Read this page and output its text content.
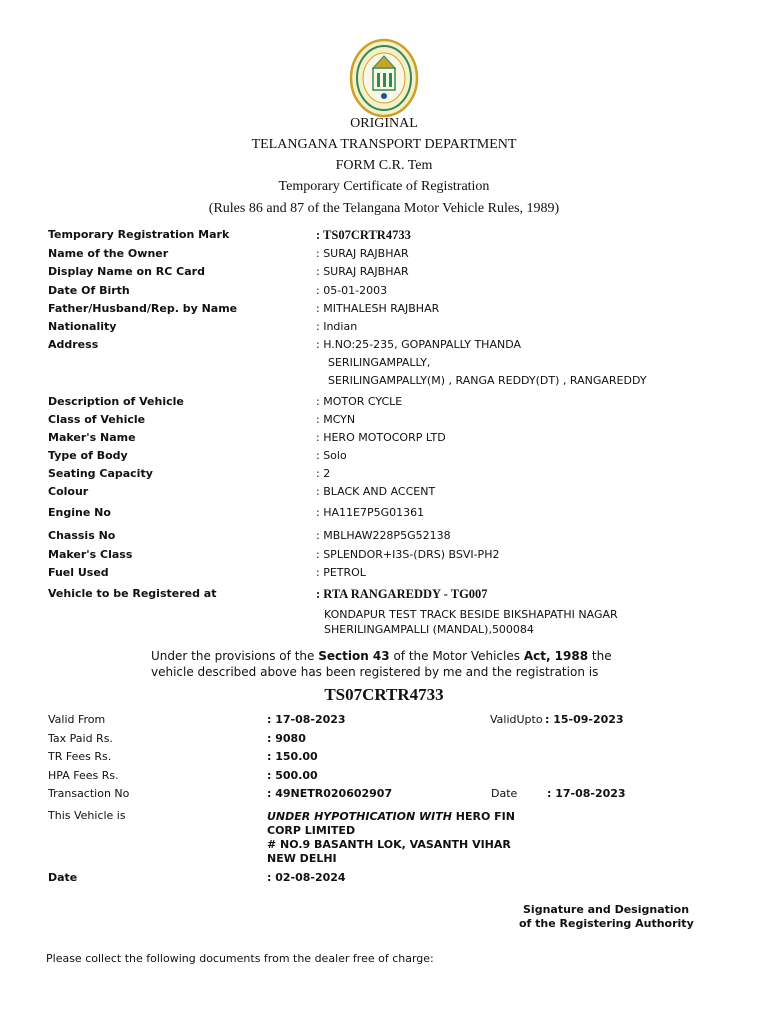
ORIGINAL
TELANGANA TRANSPORT DEPARTMENT
FORM C.R. Tem
Temporary Certificate of Registration
(Rules 86 and 87 of the Telangana Motor Vehicle Rules, 1989)
Temporary Registration Mark	: TS07CRTR4733
Name of the Owner	: SURAJ RAJBHAR
Display Name on RC Card	: SURAJ RAJBHAR
Date Of Birth	: 05-01-2003
Father/Husband/Rep. by Name	: MITHALESH RAJBHAR
Nationality	: Indian
Address	: H.NO:25-235, GOPANPALLY THANDA
SERILINGAMPALLY,
SERILINGAMPALLY(M) , RANGA REDDY(DT) , RANGAREDDY
Description of Vehicle	: MOTOR CYCLE
Class of Vehicle	: MCYN
Maker's Name	: HERO MOTOCORP LTD
Type of Body	: Solo
Seating Capacity	: 2
Colour	: BLACK AND ACCENT
Engine No	: HA11E7P5G01361
Chassis No	: MBLHAW228P5G52138
Maker's Class	: SPLENDOR+I3S-(DRS) BSVI-PH2
Fuel Used	: PETROL
Vehicle to be Registered at	: RTA RANGAREDDY - TG007
KONDAPUR TEST TRACK BESIDE BIKSHAPATHI NAGAR
SHERILINGAMPALLI (MANDAL),500084
Under the provisions of the Section 43 of the Motor Vehicles Act, 1988 the
vehicle described above has been registered by me and the registration is
TS07CRTR4733
Valid From	: 17-08-2023	ValidUpto : 15-09-2023
Tax Paid Rs.	: 9080
TR Fees Rs.	: 150.00
HPA Fees Rs.	: 500.00
Transaction No	: 49NETR020602907	Date	: 17-08-2023
This Vehicle is	UNDER HYPOTHICATION WITH HERO FIN
CORP LIMITED
# NO.9 BASANTH LOK, VASANTH VIHAR
NEW DELHI
Date	: 02-08-2024
Signature and Designation
of the Registering Authority
Please collect the following documents from the dealer free of charge:
